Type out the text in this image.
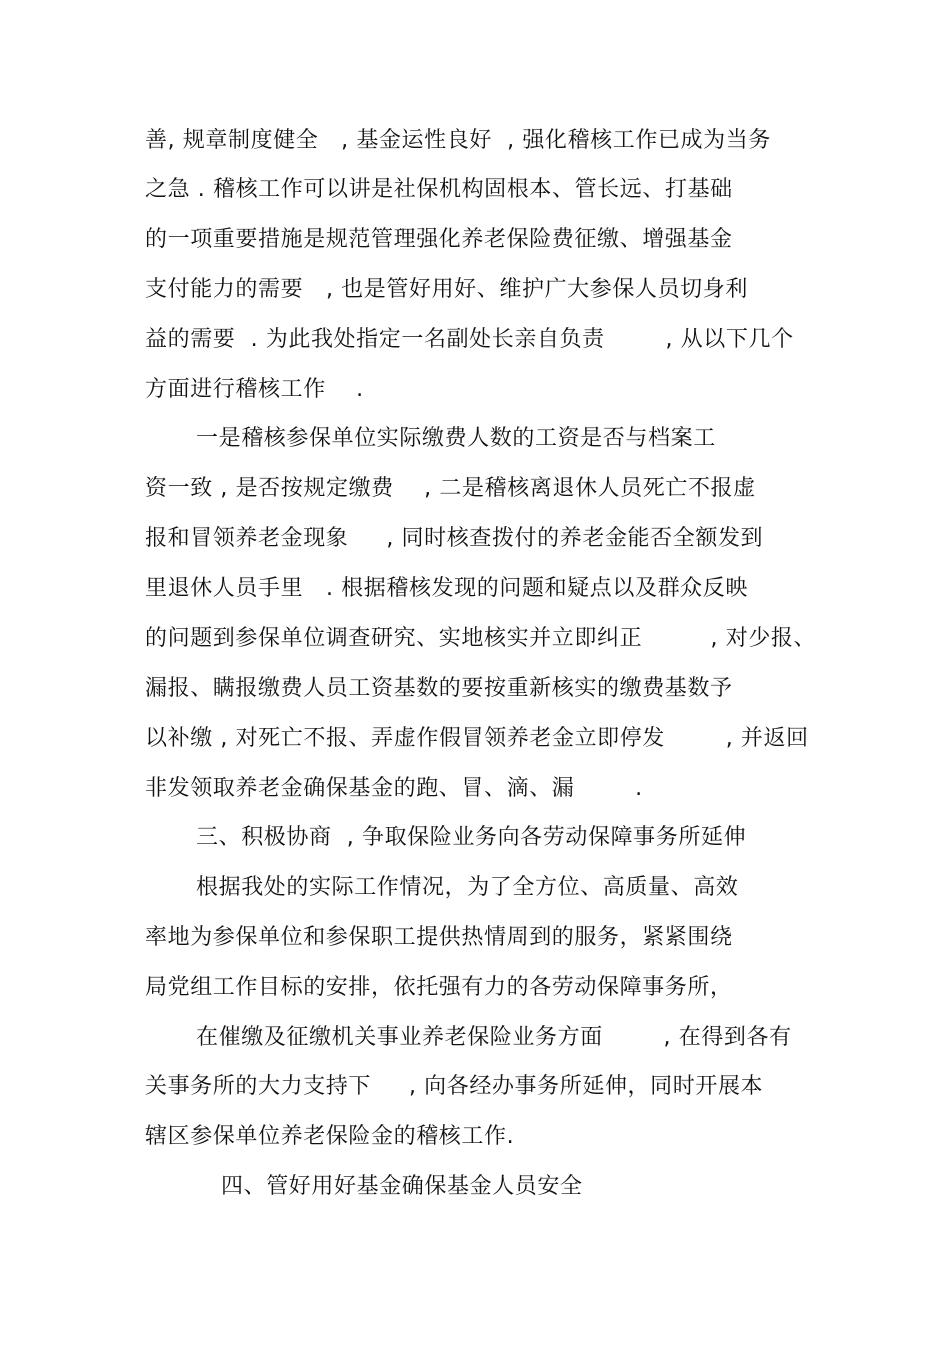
善, 规章制度健全   , 基金运性良好  , 强化稽核工作已成为当务
之急 . 稽核工作可以讲是社保机构固根本、管长远、打基础
的一项重要措施是规范管理强化养老保险费征缴、增强基金
支付能力的需要   , 也是管好用好、维护广大参保人员切身利
益的需要  . 为此我处指定一名副处长亲自负责        , 从以下几个
方面进行稽核工作    .
一是稽核参保单位实际缴费人数的工资是否与档案工
资一致 , 是否按规定缴费    , 二是稽核离退休人员死亡不报虚
报和冒领养老金现象     , 同时核查拨付的养老金能否全额发到
里退休人员手里   . 根据稽核发现的问题和疑点以及群众反映
的问题到参保单位调查研究、实地核实并立即纠正         , 对少报、
漏报、瞒报缴费人员工资基数的要按重新核实的缴费基数予
以补缴 , 对死亡不报、弄虚作假冒领养老金立即停发        , 并返回
非发领取养老金确保基金的跑、冒、滴、漏        .
三、积极协商  , 争取保险业务向各劳动保障事务所延伸
根据我处的实际工作情况，为了全方位、高质量、高效
率地为参保单位和参保职工提供热情周到的服务，紧紧围绕
局党组工作目标的安排，依托强有力的各劳动保障事务所，
在催缴及征缴机关事业养老保险业务方面        , 在得到各有
关事务所的大力支持下     , 向各经办事务所延伸，同时开展本
辖区参保单位养老保险金的稽核工作.
四、管好用好基金确保基金人员安全
